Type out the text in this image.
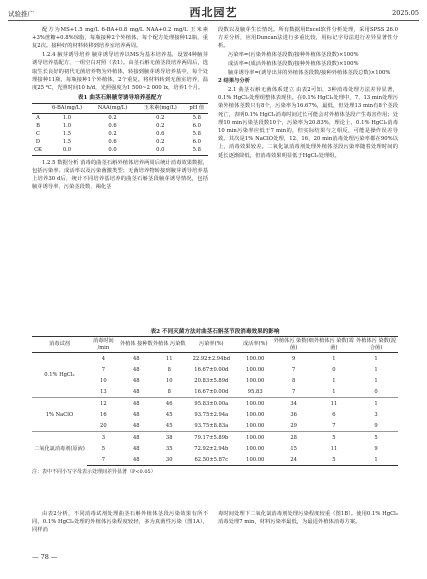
试验推广	西北园艺	2025.05

配方为MS+1.5 mg/L 6-BA+0.8 mg/L NAA+0.2 mg/L 玉米素+3%蔗糖+0.8%琼脂，每瓶接种2个外植体，每个配方处理接种12瓶，重复2次。接种好的材料转移到培养室培养两周。

1.2.4 腋芽诱导培养 腋芽诱导培养以MS为基本培养基，设置4种腋芽诱导培养基配方，一组空白对照（表1）。由茎石斛无菌茎段培养两周后，选取生长良好的初代无菌培养物为外植体，转接到腋芽诱导培养基中，每个处理接种11瓶，每瓶接种1个外植体，2个重复。将材料转到无菌室培养，温度25 ℃，光照时间10 h/d，光照强度为1 500~2 000 lx，培养1个月。

表1 曲茎石斛腋芽诱导培养基配方
	6-BA(mg/L)	NAA(mg/L)	玉米素(mg/L)	pH 值
A	1.0	0.2	0.2	5.8
B	1.0	0.6	0.2	6.0
C	1.5	0.2	0.6	5.8
D	1.5	0.6	0.2	6.0
CK	0.0	0.0	0.0	5.8

1.2.5 数据分析 消毒的曲茎石斛外植体培养两周后统计消毒效果数据，包括污染率、成活率以及污染菌激类型；无菌培养物转接到腋芽诱导培养基上培养30 d后，统计不同培养基培养的曲茎石斛茎段腋芽诱导情况，包括腋芽诱导率、污染茎段数、褐化茎

段数以及腋芽生长情况。所有数据用Excel软件分析处理，采用SPSS 26.0方差分析，应用Duncan法进行多重比较，用标记字母法进行差异显著性分析。

污染率=(污染外植体茎段数/接种外植体茎段数)×100%

成活率=(成活外植体茎段数/接种外植体茎段数)×100%

腋芽诱导率=(诱导出芽的外植体茎段数/接种外植体茎段总数)×100%

2 结果与分析

2.1 曲茎石斛无菌体系建立 由表2可知，3种消毒处理方法差异显著，0.1% HgCl₂处理组整体表现佳。在0.1% HgCl₂处理中，7、13 min处理污染外植体茎数只有8个，污染率为16.67%，最低，但处理13 min有8个茎段死亡，表明0.1% HgCl₂消毒时间过长可能会对外植体茎段产生毒害作用；处理10 min污染茎段数10个，污染率为20.83%，理论上，0.1% HgCl₂消毒10 min污染率应低于7 min的，但实际结果与之相反，可能是操作误差导致。其次是1% NaClO处理，12、16、20 min消毒处理污染率都在90%以上，消毒效果较差。二氧化氯消毒剂处理外植体茎段污染率随着处理时间的延长逐渐降低，但消毒效果明显低于HgCl₂处理组。

表2 不同灭菌方法对曲茎石斛茎节段消毒效果的影响
消毒试剂	消毒时间 /min	外植体 接种数	外植体 污染数	污染率(%)	成活率(%)	外植体污 染数(细菌)	外植体污 染数(霉菌)	外植体污 染数(混合菌)
0.1% HgCl₂	4	48	11	22.92±2.94bd	100.00	9	1	1
	7	48	8	16.67±0.00d	100.00	7	0	1
	10	48	10	20.83±5.89d	100.00	8	1	1
	13	48	8	16.67±0.00d	95.83	7	1	0
1% NaClO	12	48	46	95.83±0.00a	100.00	34	11	1
	16	48	45	93.75±2.94a	100.00	36	6	3
	20	48	45	93.75±8.83a	100.00	29	7	9
二氧化氯消毒剂(原液)	3	48	38	79.17±5.89b	100.00	28	5	5
	5	48	35	72.92±2.94b	100.00	15	11	9
	7	48	30	62.50±5.87c	100.00	24	5	1
注：表中不同小写字母表示处理间差异显著（P<0.05）

由表2分析，不同消毒试剂处理曲茎石斛外植体茎段污染效果有所不同，0.1% HgCl₂处理的外植体污染程度较轻，多为真菌性污染（图1A），同样消

毒时间处理下二氧化氯消毒剂处理污染程度较重（图1B）。使用0.1% HgCl₂消毒处理7 min，材料污染率最低，为最适外植体消毒方案。

— 78 —
